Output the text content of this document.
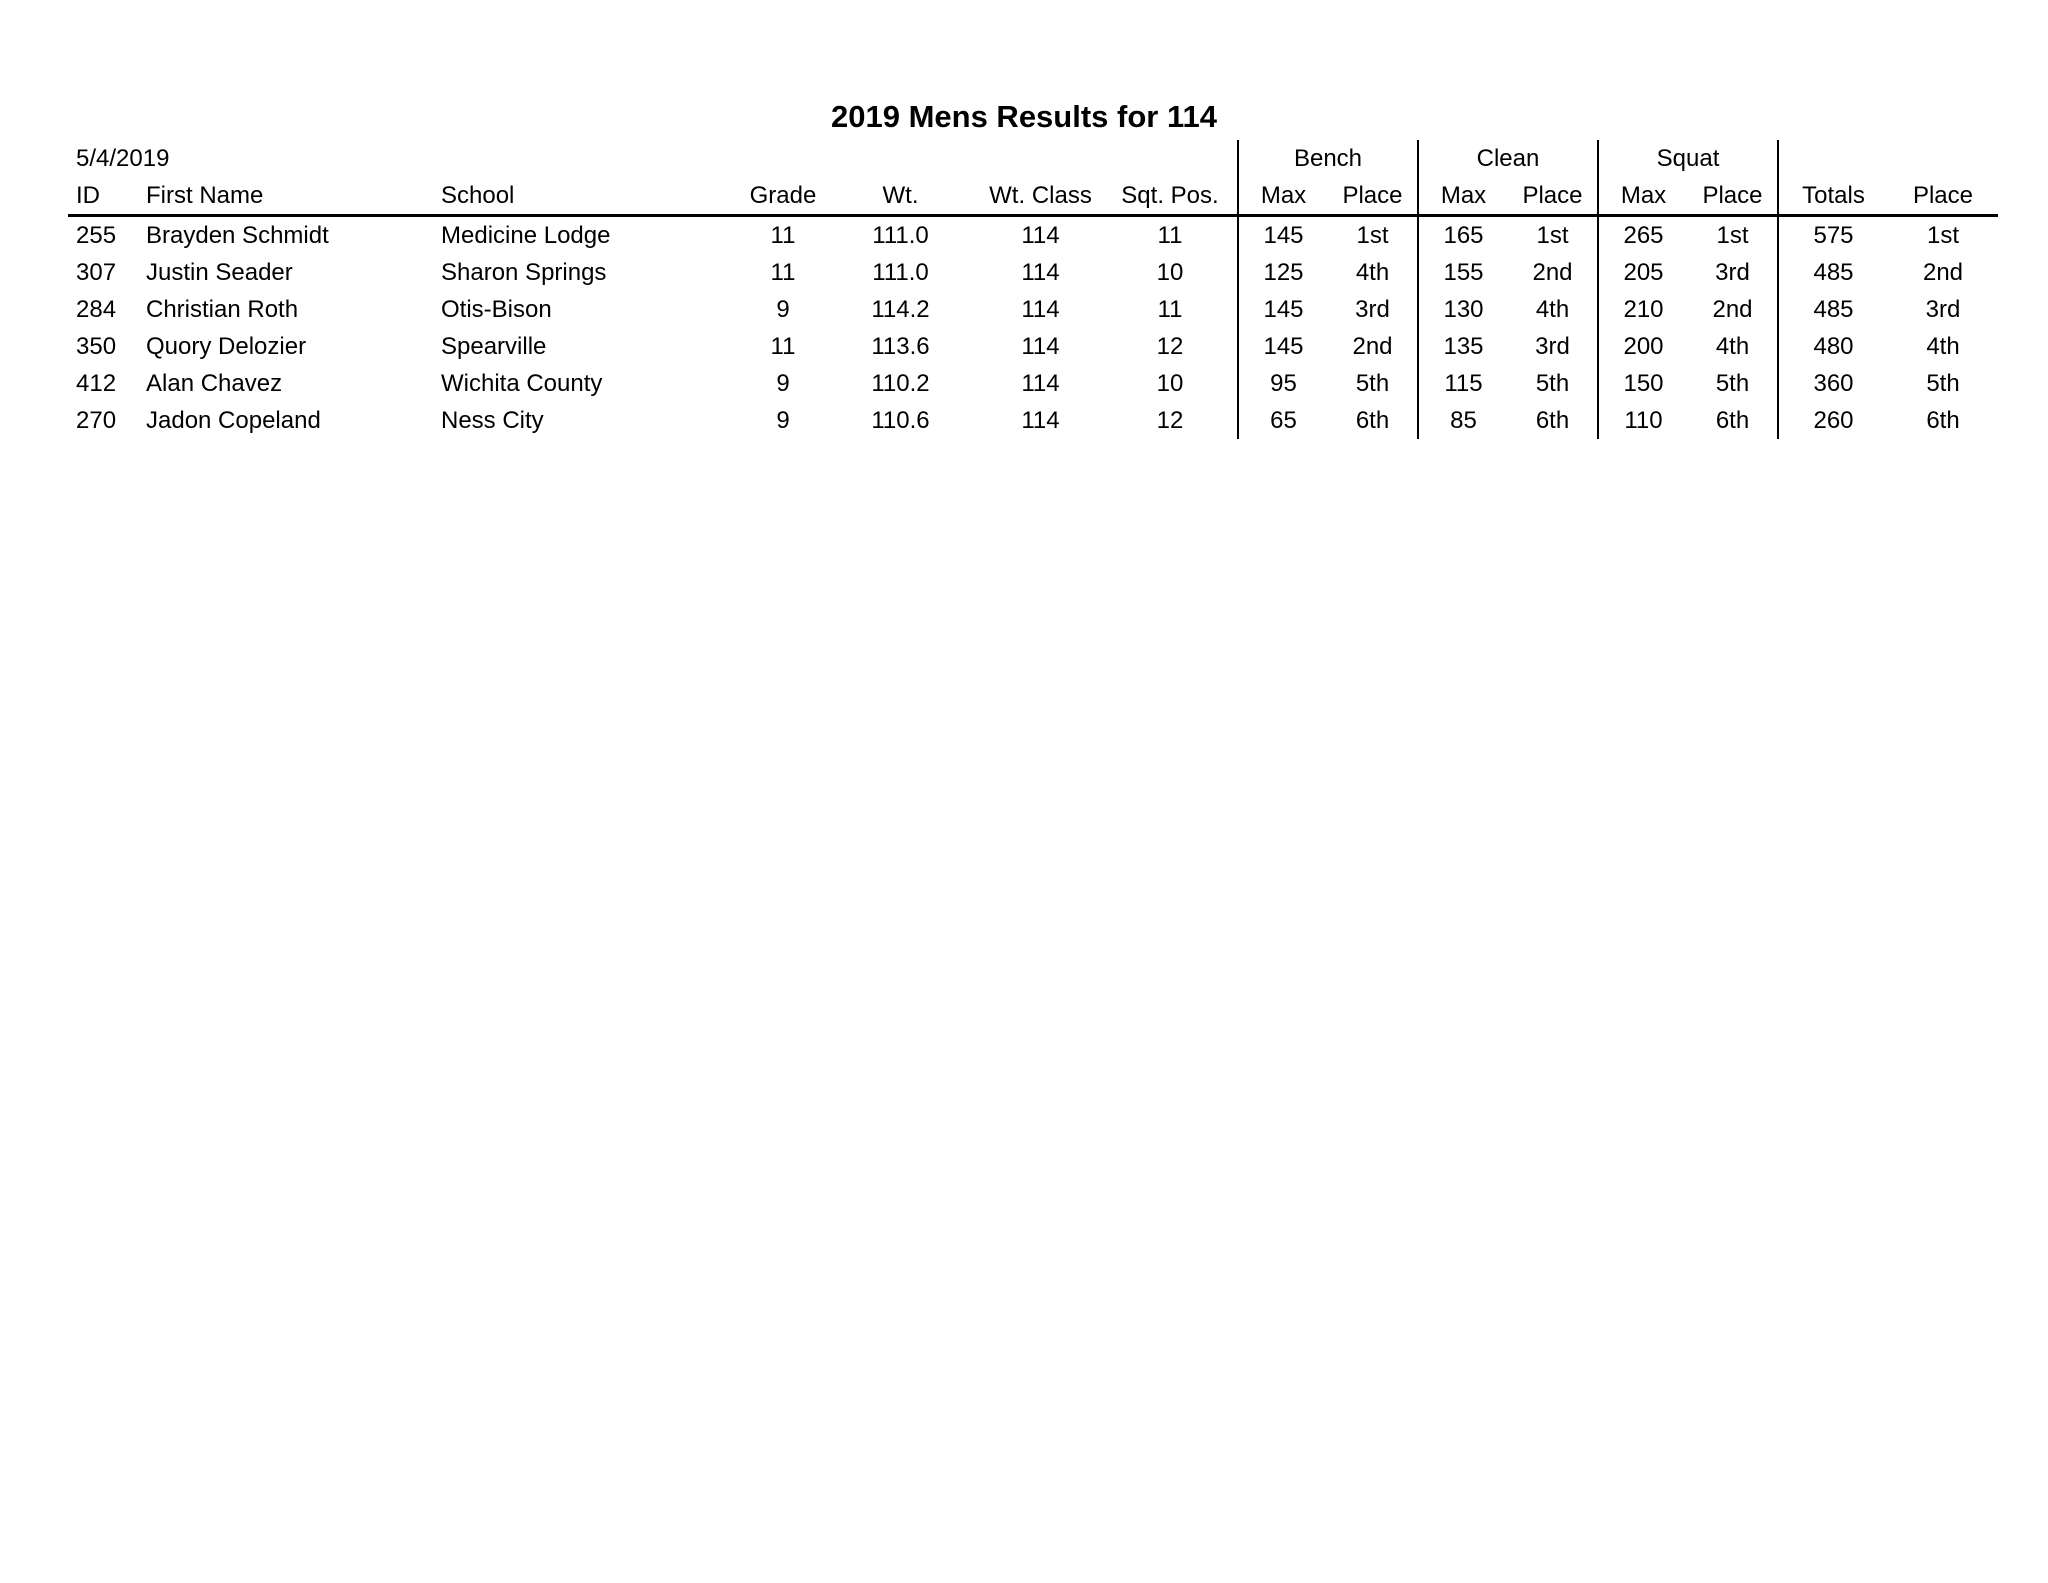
2019 Mens Results for 114
5/4/2019							Bench		Clean		Squat			
ID	First Name	School	Grade	Wt.	Wt. Class	Sqt. Pos.	Max	Place	Max	Place	Max	Place	Totals	Place
255	Brayden Schmidt	Medicine Lodge	11	111.0	114	11	145	1st	165	1st	265	1st	575	1st
307	Justin Seader	Sharon Springs	11	111.0	114	10	125	4th	155	2nd	205	3rd	485	2nd
284	Christian Roth	Otis-Bison	9	114.2	114	11	145	3rd	130	4th	210	2nd	485	3rd
350	Quory Delozier	Spearville	11	113.6	114	12	145	2nd	135	3rd	200	4th	480	4th
412	Alan Chavez	Wichita County	9	110.2	114	10	95	5th	115	5th	150	5th	360	5th
270	Jadon Copeland	Ness City	9	110.6	114	12	65	6th	85	6th	110	6th	260	6th
